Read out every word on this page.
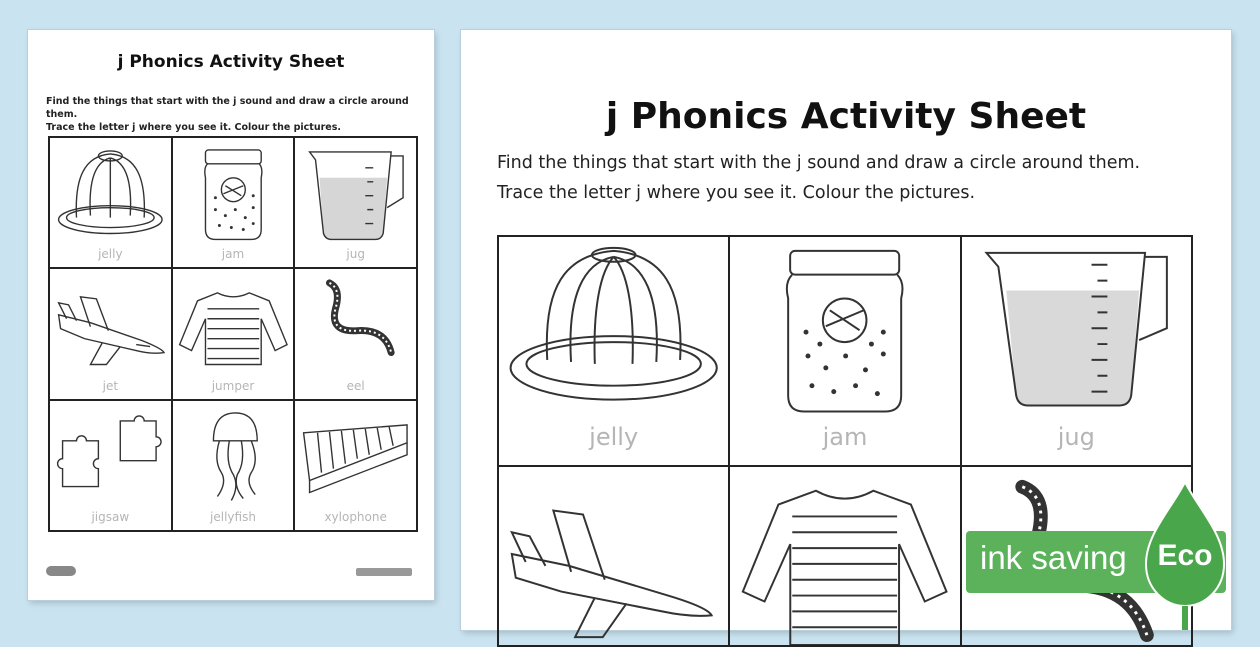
j Phonics Activity Sheet
Find the things that start with the j sound and draw a circle around them.
Trace the letter j where you see it. Colour the pictures.
jelly	jam	jug
jet	jumper	eel
jigsaw	jellyfish	xylophone
j Phonics Activity Sheet
Find the things that start with the j sound and draw a circle around them.
Trace the letter j where you see it. Colour the pictures.
jelly	jam	jug
ink saving	Eco
